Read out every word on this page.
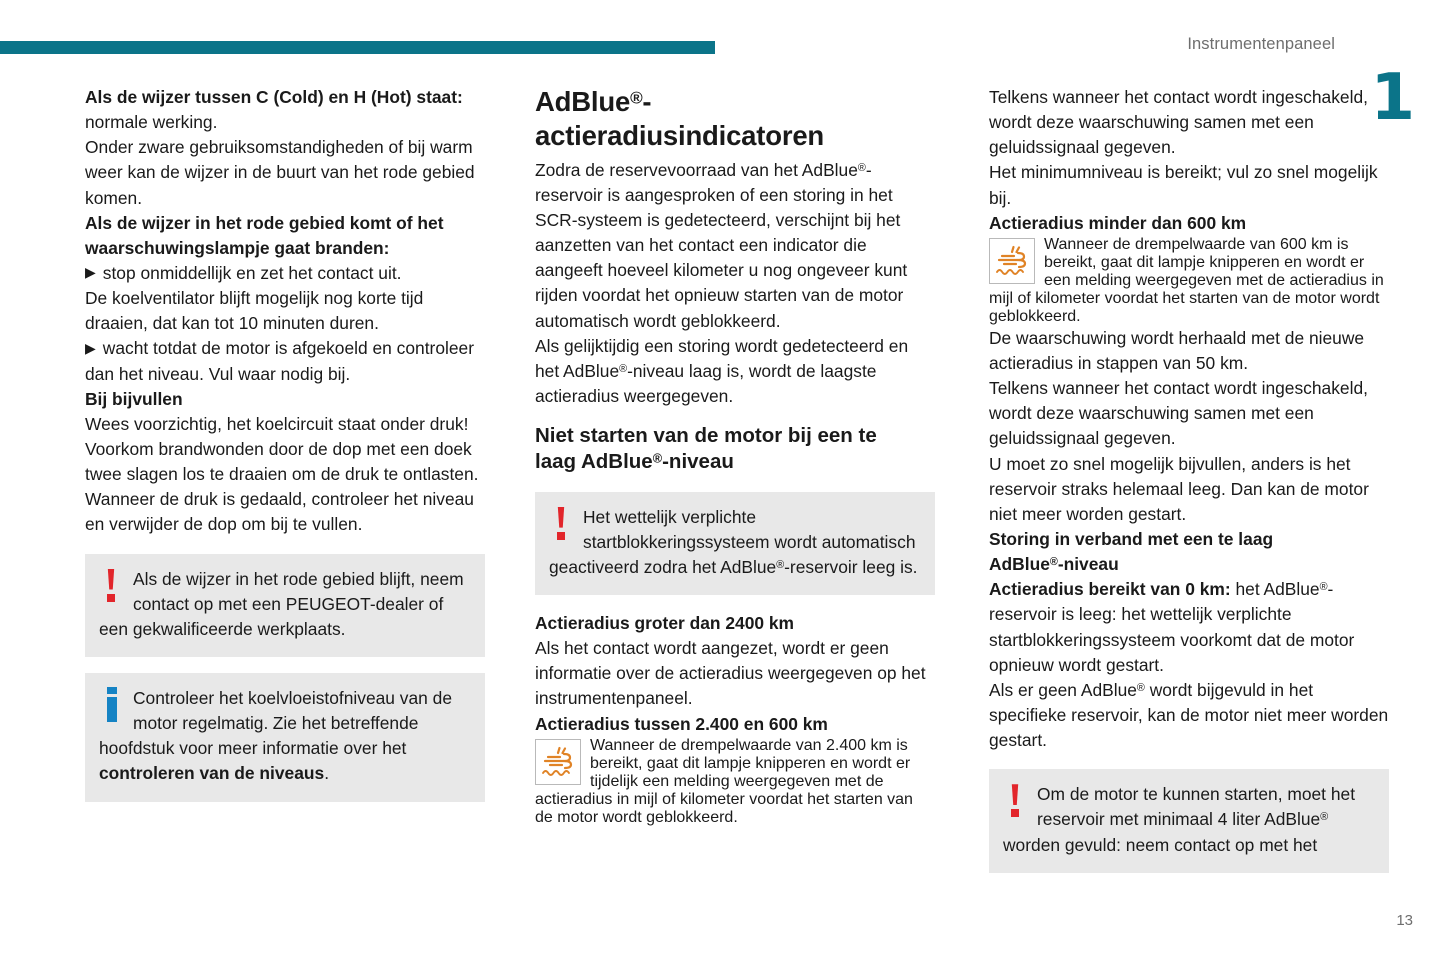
Instrumentenpaneel
1

Als de wijzer tussen C (Cold) en H (Hot) staat:

normale werking.

Onder zware gebruiksomstandigheden of bij warm weer kan de wijzer in de buurt van het rode gebied komen.

Als de wijzer in het rode gebied komt of het waarschuwingslampje gaat branden:

▶ stop onmiddellijk en zet het contact uit.

De koelventilator blijft mogelijk nog korte tijd draaien, dat kan tot 10 minuten duren.

▶ wacht totdat de motor is afgekoeld en controleer dan het niveau. Vul waar nodig bij.

Bij bijvullen

Wees voorzichtig, het koelcircuit staat onder druk!

Voorkom brandwonden door de dop met een doek twee slagen los te draaien om de druk te ontlasten.

Wanneer de druk is gedaald, controleer het niveau en verwijder de dop om bij te vullen.

Als de wijzer in het rode gebied blijft, neem contact op met een PEUGEOT-dealer of een gekwalificeerde werkplaats.
Controleer het koelvloeistofniveau van de motor regelmatig. Zie het betreffende hoofdstuk voor meer informatie over het controleren van de niveaus.
AdBlue®-
actieradiusindicatoren

Zodra de reservevoorraad van het AdBlue®-reservoir is aangesproken of een storing in het SCR-systeem is gedetecteerd, verschijnt bij het aanzetten van het contact een indicator die aangeeft hoeveel kilometer u nog ongeveer kunt rijden voordat het opnieuw starten van de motor automatisch wordt geblokkeerd.

Als gelijktijdig een storing wordt gedetecteerd en het AdBlue®-niveau laag is, wordt de laagste actieradius weergegeven.

Niet starten van de motor bij een te
laag AdBlue®-niveau
Het wettelijk verplichte startblokkeringssysteem wordt automatisch geactiveerd zodra het AdBlue®-reservoir leeg is.

Actieradius groter dan 2400 km

Als het contact wordt aangezet, wordt er geen informatie over de actieradius weergegeven op het instrumentenpaneel.

Actieradius tussen 2.400 en 600 km

Wanneer de drempelwaarde van 2.400 km is bereikt, gaat dit lampje knipperen en wordt er tijdelijk een melding weergegeven met de actieradius in mijl of kilometer voordat het starten van de motor wordt geblokkeerd.

Telkens wanneer het contact wordt ingeschakeld, wordt deze waarschuwing samen met een geluidssignaal gegeven.

Het minimumniveau is bereikt; vul zo snel mogelijk bij.

Actieradius minder dan 600 km

Wanneer de drempelwaarde van 600 km is bereikt, gaat dit lampje knipperen en wordt er een melding weergegeven met de actieradius in mijl of kilometer voordat het starten van de motor wordt geblokkeerd.

De waarschuwing wordt herhaald met de nieuwe actieradius in stappen van 50 km.

Telkens wanneer het contact wordt ingeschakeld, wordt deze waarschuwing samen met een geluidssignaal gegeven.

U moet zo snel mogelijk bijvullen, anders is het reservoir straks helemaal leeg. Dan kan de motor niet meer worden gestart.

Storing in verband met een te laag
AdBlue®-niveau

Actieradius bereikt van 0 km: het AdBlue®-reservoir is leeg: het wettelijk verplichte startblokkeringssysteem voorkomt dat de motor opnieuw wordt gestart.

Als er geen AdBlue® wordt bijgevuld in het specifieke reservoir, kan de motor niet meer worden gestart.

Om de motor te kunnen starten, moet het reservoir met minimaal 4 liter AdBlue® worden gevuld: neem contact op met het
13
